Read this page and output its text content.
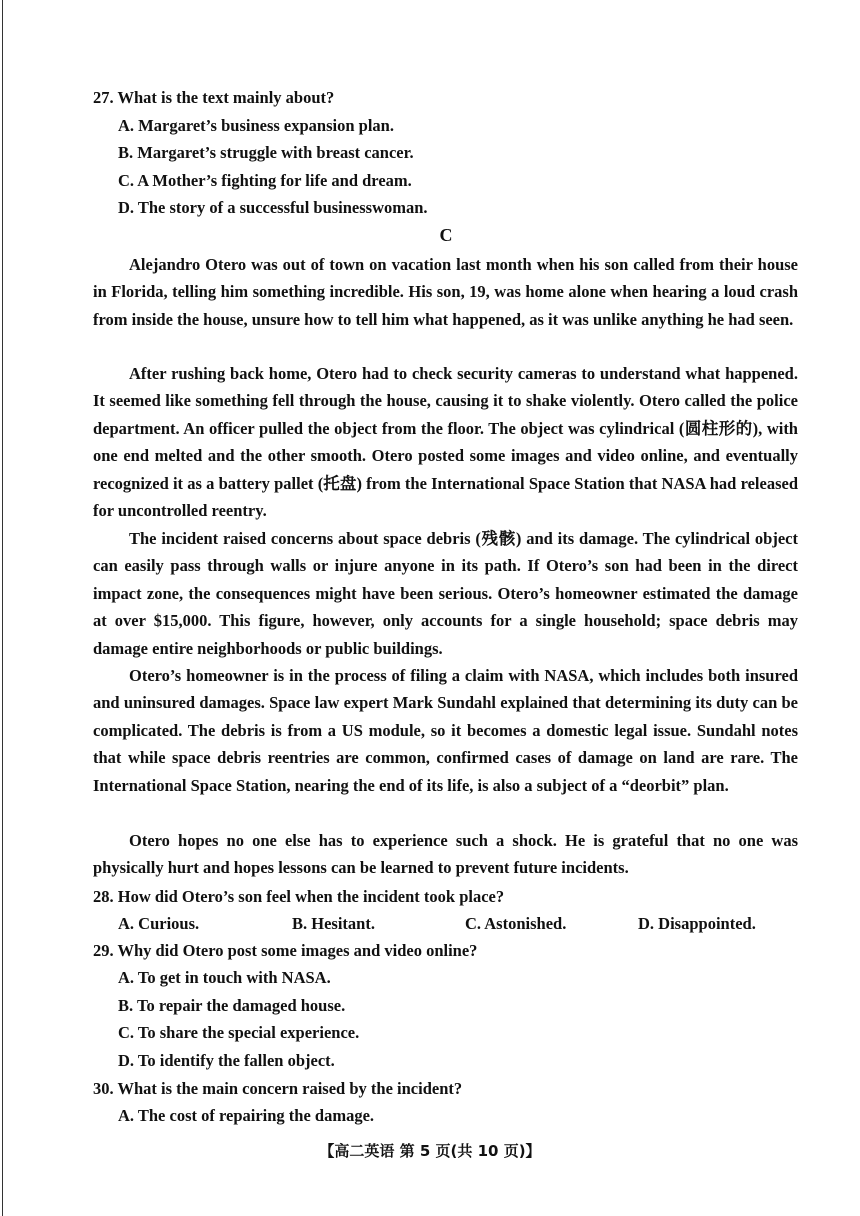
27. What is the text mainly about?
A. Margaret’s business expansion plan.
B. Margaret’s struggle with breast cancer.
C. A Mother’s fighting for life and dream.
D. The story of a successful businesswoman.
C

Alejandro Otero was out of town on vacation last month when his son called from their house in Florida, telling him something incredible. His son, 19, was home alone when hearing a loud crash from inside the house, unsure how to tell him what happened, as it was unlike anything he had seen.

After rushing back home, Otero had to check security cameras to understand what happened. It seemed like something fell through the house, causing it to shake violently. Otero called the police department. An officer pulled the object from the floor. The object was cylindrical (圆柱形的), with one end melted and the other smooth. Otero posted some images and video online, and eventually recognized it as a battery pallet (托盘) from the International Space Station that NASA had released for uncontrolled reentry.

The incident raised concerns about space debris (残骸) and its damage. The cylindrical object can easily pass through walls or injure anyone in its path. If Otero’s son had been in the direct impact zone, the consequences might have been serious. Otero’s homeowner estimated the damage at over $15,000. This figure, however, only accounts for a single household; space debris may damage entire neighborhoods or public buildings.

Otero’s homeowner is in the process of filing a claim with NASA, which includes both insured and uninsured damages. Space law expert Mark Sundahl explained that determining its duty can be complicated. The debris is from a US module, so it becomes a domestic legal issue. Sundahl notes that while space debris reentries are common, confirmed cases of damage on land are rare. The International Space Station, nearing the end of its life, is also a subject of a “deorbit” plan.

Otero hopes no one else has to experience such a shock. He is grateful that no one was physically hurt and hopes lessons can be learned to prevent future incidents.

28. How did Otero’s son feel when the incident took place?
A. Curious.	B. Hesitant.	C. Astonished.	D. Disappointed.
29. Why did Otero post some images and video online?
A. To get in touch with NASA.
B. To repair the damaged house.
C. To share the special experience.
D. To identify the fallen object.
30. What is the main concern raised by the incident?
A. The cost of repairing the damage.
【高二英语 第 5 页(共 10 页)】
